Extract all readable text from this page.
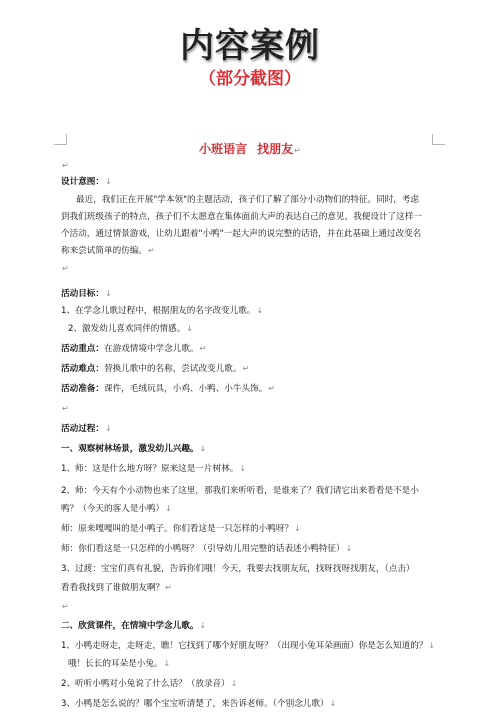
内容案例
（部分截图）
小班语言 找朋友↵
↵
设计意图：↓
最近，我们正在开展"学本领"的主题活动，孩子们了解了部分小动物们的特征。同时，考虑
到我们班级孩子的特点，孩子们不太愿意在集体面前大声的表达自己的意见，我便设计了这样一
个活动，通过情景游戏，让幼儿跟着"小鸭"一起大声的说完整的话语，并在此基础上通过改变名
称来尝试简单的仿编。↵
↵
活动目标：↓
1、在学念儿歌过程中，根据朋友的名字改变儿歌。↓
2、激发幼儿喜欢同伴的情感。↓
活动重点：在游戏情境中学念儿歌。↵
活动难点：替换儿歌中的名称，尝试改变儿歌。↵
活动准备：课件，毛绒玩具，小鸡、小鸭、小牛头饰。↵
↵
活动过程：↓
一、观察树林场景，激发幼儿兴趣。↓
1、师：这是什么地方呀？原来这是一片树林。↓
2、师：今天有个小动物也来了这里，那我们来听听看，是谁来了？我们请它出来看看是不是小
鸭？（今天的客人是小鸭）↓
师：原来嘎嘎叫的是小鸭子。你们看这是一只怎样的小鸭呀？↓
师：你们看这是一只怎样的小鸭呀？（引导幼儿用完整的话表述小鸭特征）↓
3、过渡：宝宝们真有礼貌，告诉你们哦！今天，我要去找朋友玩，找呀找呀找朋友，（点击）
看看我找到了谁做朋友啊？↵
↵
二、欣赏课件，在情境中学念儿歌。↓
1、小鸭走呀走，走呀走，瞧！它找到了哪个好朋友呀？（出现小兔耳朵画面）你是怎么知道的？↓
哦！长长的耳朵是小兔。↓
2、听听小鸭对小兔说了什么话？（放录音）↓
3、小鸭是怎么说的？哪个宝宝听清楚了，来告诉老师。（个别念儿歌）↓
